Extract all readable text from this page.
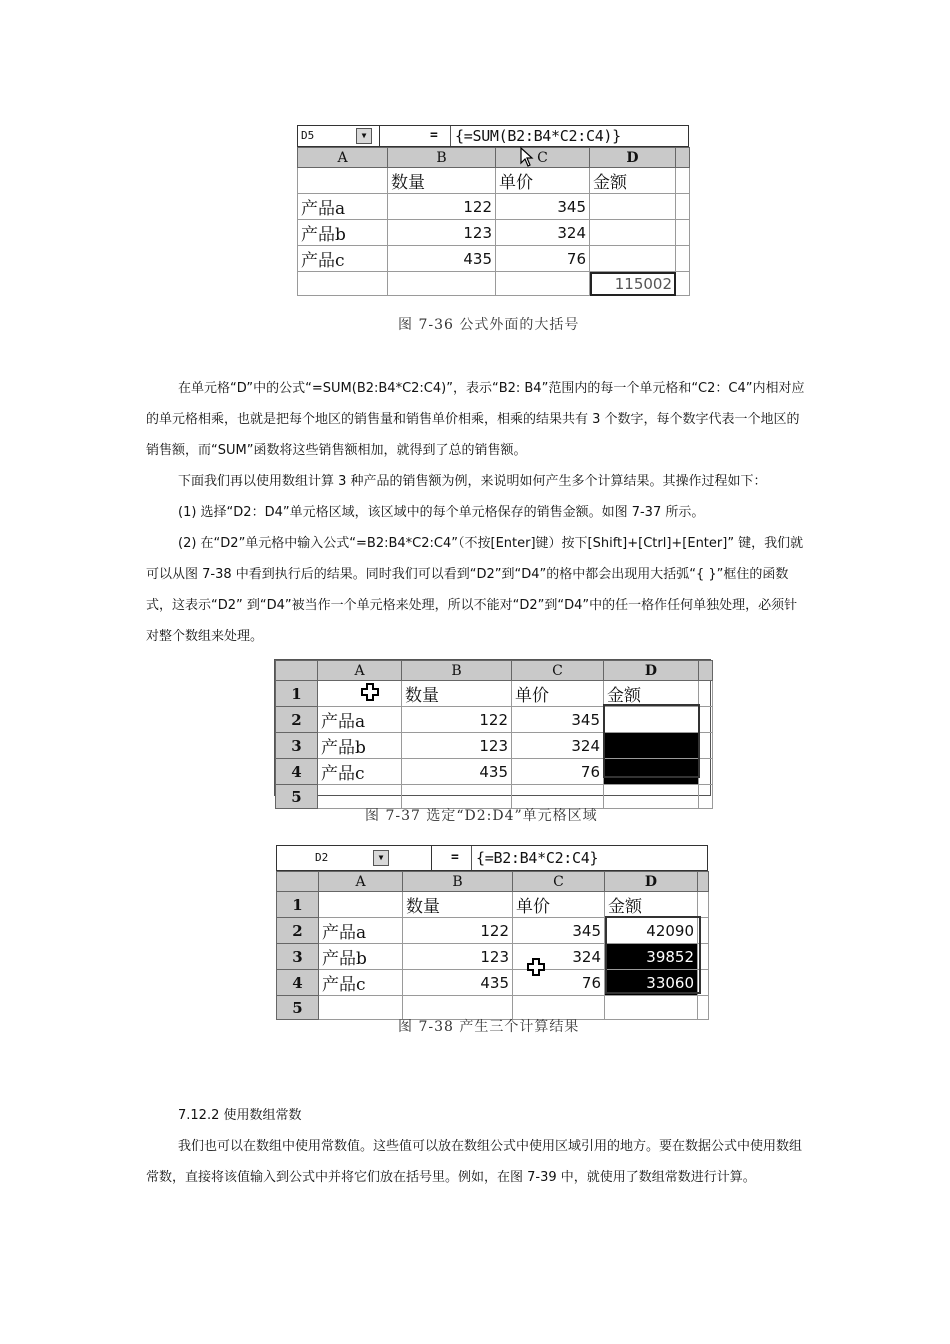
D5	▼	=	{=SUM(B2:B4*C2:C4)}
A	B	C	D	
	数量	单价	金额	
产品a	122	345		
产品b	123	324		
产品c	435	76		
			115002	
图 7-36 公式外面的大括号

在单元格“D”中的公式“=SUM(B2:B4*C2:C4)”，表示“B2: B4”范围内的每一个单元格和“C2：C4”内相对应的单元格相乘，也就是把每个地区的销售量和销售单价相乘，相乘的结果共有 3 个数字，每个数字代表一个地区的销售额，而“SUM”函数将这些销售额相加，就得到了总的销售额。

下面我们再以使用数组计算 3 种产品的销售额为例，来说明如何产生多个计算结果。其操作过程如下：

(1) 选择“D2：D4”单元格区域，该区域中的每个单元格保存的销售金额。如图 7-37 所示。

(2) 在“D2”单元格中输入公式“=B2:B4*C2:C4”（不按[Enter]键）按下[Shift]+[Ctrl]+[Enter]” 键，我们就可以从图 7-38 中看到执行后的结果。同时我们可以看到“D2”到“D4”的格中都会出现用大括弧“{ }”框住的函数式，这表示“D2” 到“D4”被当作一个单元格来处理，所以不能对“D2”到“D4”中的任一格作任何单独处理，必须针对整个数组来处理。

	A	B	C	D	
1		数量	单价	金额	
2	产品a	122	345		
3	产品b	123	324		
4	产品c	435	76		
5					
图 7-37 选定“D2:D4”单元格区域
D2	▼	=	{=B2:B4*C2:C4}
	A	B	C	D	
1		数量	单价	金额	
2	产品a	122	345	42090	
3	产品b	123	324	39852	
4	产品c	435	76	33060	
5					
图 7-38 产生三个计算结果

7.12.2 使用数组常数

我们也可以在数组中使用常数值。这些值可以放在数组公式中使用区域引用的地方。要在数据公式中使用数组常数，直接将该值输入到公式中并将它们放在括号里。例如，在图 7-39 中，就使用了数组常数进行计算。
